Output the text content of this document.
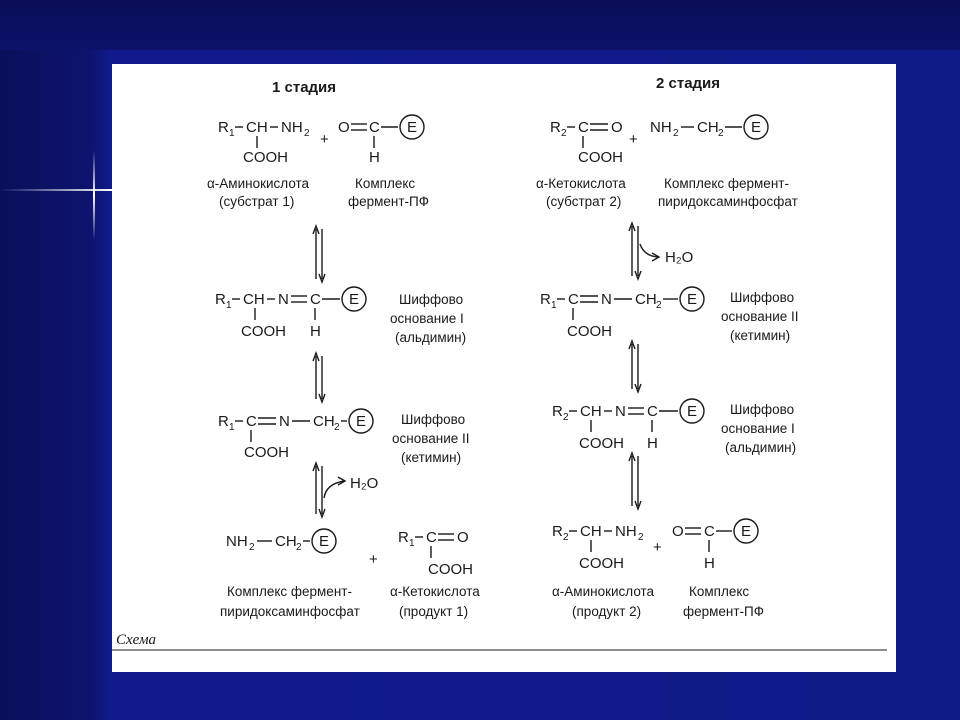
1 стадия
R 1 CH NH 2
COOH
+
O C
H
E
α-Аминокислота
(субстрат 1)
Комплекс
фермент-ПФ
R 1 CH N C
COOH H
E	Шиффово
основание I
(альдимин)
R 1 C N CH 2
COOH
E	Шиффово
основание II
(кетимин)
H₂O
NH 2 CH 2 E
+
R 1 C O
COOH
Комплекс фермент-
пиридоксаминфосфат
α-Кетокислота
(продукт 1)
2 стадия
R 2 C O
COOH
+
NH 2 CH 2 E
α-Кетокислота
(субстрат 2)
Комплекс фермент-
пиридоксаминфосфат
H₂O
R 1 C N CH 2
COOH
E Шиффово
основание II
(кетимин)
R 2 CH N C
COOH H
E Шиффово
основание I
(альдимин)
R 2 CH NH 2
COOH
+
O C
H
E
α-Аминокислота
(продукт 2)
Комплекс
фермент-ПФ
Схема
